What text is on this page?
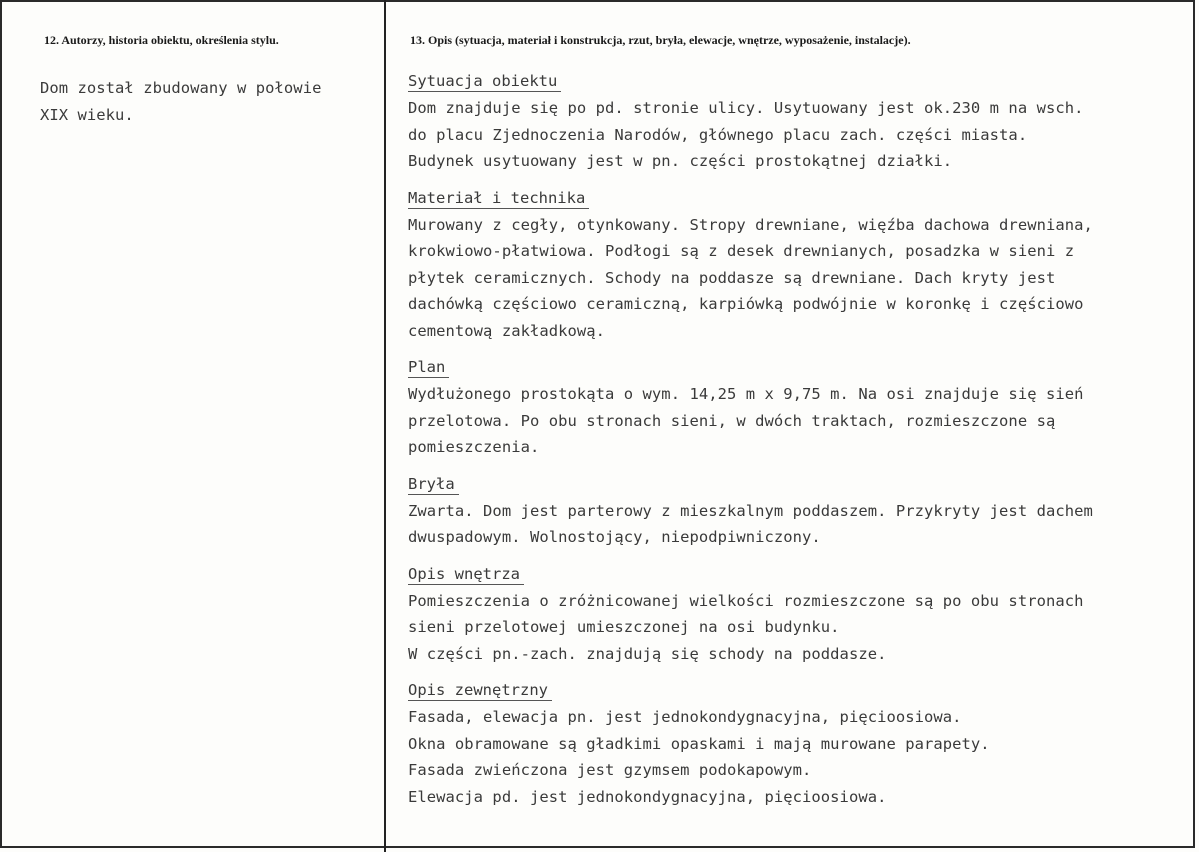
12. Autorzy, historia obiektu, określenia stylu.	13. Opis (sytuacja, materiał i konstrukcja, rzut, bryła, elewacje, wnętrze, wyposażenie, instalacje).
Dom został zbudowany w połowie
XIX wieku.
Sytuacja obiektu
Dom znajduje się po pd. stronie ulicy. Usytuowany jest ok.230 m na wsch.
do placu Zjednoczenia Narodów, głównego placu zach. części miasta.
Budynek usytuowany jest w pn. części prostokątnej działki.
Materiał i technika
Murowany z cegły, otynkowany. Stropy drewniane, więźba dachowa drewniana,
krokwiowo-płatwiowa. Podłogi są z desek drewnianych, posadzka w sieni z
płytek ceramicznych. Schody na poddasze są drewniane. Dach kryty jest
dachówką częściowo ceramiczną, karpiówką podwójnie w koronkę i częściowo
cementową zakładkową.
Plan
Wydłużonego prostokąta o wym. 14,25 m x 9,75 m. Na osi znajduje się sień
przelotowa. Po obu stronach sieni, w dwóch traktach, rozmieszczone są
pomieszczenia.
Bryła
Zwarta. Dom jest parterowy z mieszkalnym poddaszem. Przykryty jest dachem
dwuspadowym. Wolnostojący, niepodpiwniczony.
Opis wnętrza
Pomieszczenia o zróżnicowanej wielkości rozmieszczone są po obu stronach
sieni przelotowej umieszczonej na osi budynku.
W części pn.-zach. znajdują się schody na poddasze.
Opis zewnętrzny
Fasada, elewacja pn. jest jednokondygnacyjna, pięcioosiowa.
Okna obramowane są gładkimi opaskami i mają murowane parapety.
Fasada zwieńczona jest gzymsem podokapowym.
Elewacja pd. jest jednokondygnacyjna, pięcioosiowa.
